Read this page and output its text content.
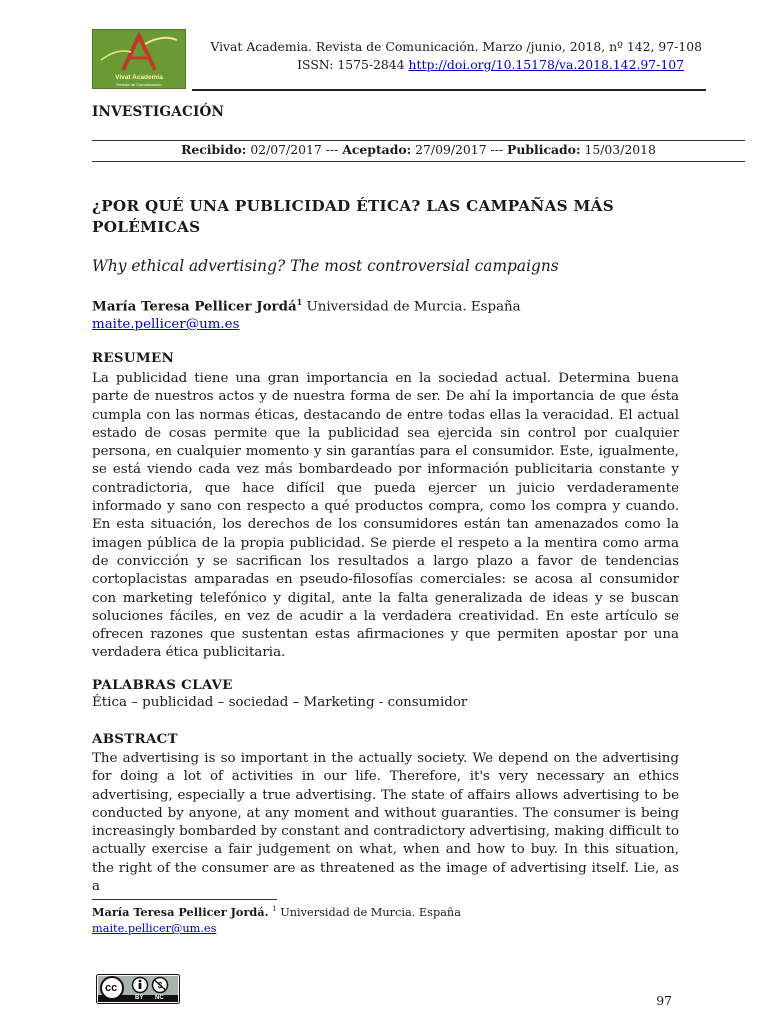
Vivat Academia
Revista de Comunicación
Vivat Academia. Revista de Comunicación. Marzo /junio, 2018, nº 142, 97-108
ISSN: 1575-2844 http://doi.org/10.15178/va.2018.142.97-107
INVESTIGACIÓN
Recibido: 02/07/2017 --- Aceptado: 27/09/2017 --- Publicado: 15/03/2018
¿POR QUÉ UNA PUBLICIDAD ÉTICA? LAS CAMPAÑAS MÁS POLÉMICAS
Why ethical advertising? The most controversial campaigns
María Teresa Pellicer Jordá$^1$ Universidad de Murcia. España
maite.pellicer@um.es
RESUMEN
La publicidad tiene una gran importancia en la sociedad actual. Determina buena parte de nuestros actos y de nuestra forma de ser. De ahí la importancia de que ésta cumpla con las normas éticas, destacando de entre todas ellas la veracidad. El actual estado de cosas permite que la publicidad sea ejercida sin control por cualquier persona, en cualquier momento y sin garantías para el consumidor. Este, igualmente, se está viendo cada vez más bombardeado por información publicitaria constante y contradictoria, que hace difícil que pueda ejercer un juicio verdaderamente informado y sano con respecto a qué productos compra, como los compra y cuando. En esta situación, los derechos de los consumidores están tan amenazados como la imagen pública de la propia publicidad. Se pierde el respeto a la mentira como arma de convicción y se sacrifican los resultados a largo plazo a favor de tendencias cortoplacistas amparadas en pseudo-filosofías comerciales: se acosa al consumidor con marketing telefónico y digital, ante la falta generalizada de ideas y se buscan soluciones fáciles, en vez de acudir a la verdadera creatividad. En este artículo se ofrecen razones que sustentan estas afirmaciones y que permiten apostar por una verdadera ética publicitaria.
PALABRAS CLAVE
Ética – publicidad – sociedad – Marketing - consumidor
ABSTRACT
The advertising is so important in the actually society. We depend on the advertising for doing a lot of activities in our life. Therefore, it's very necessary an ethics advertising, especially a true advertising. The state of affairs allows advertising to be conducted by anyone, at any moment and without guaranties. The consumer is being increasingly bombarded by constant and contradictory advertising, making difficult to actually exercise a fair judgement on what, when and how to buy. In this situation, the right of the consumer are as threatened as the image of advertising itself. Lie, as a
María Teresa Pellicer Jordá. $^1$ Universidad de Murcia. España
maite.pellicer@um.es
$
cc
BY NC	97
